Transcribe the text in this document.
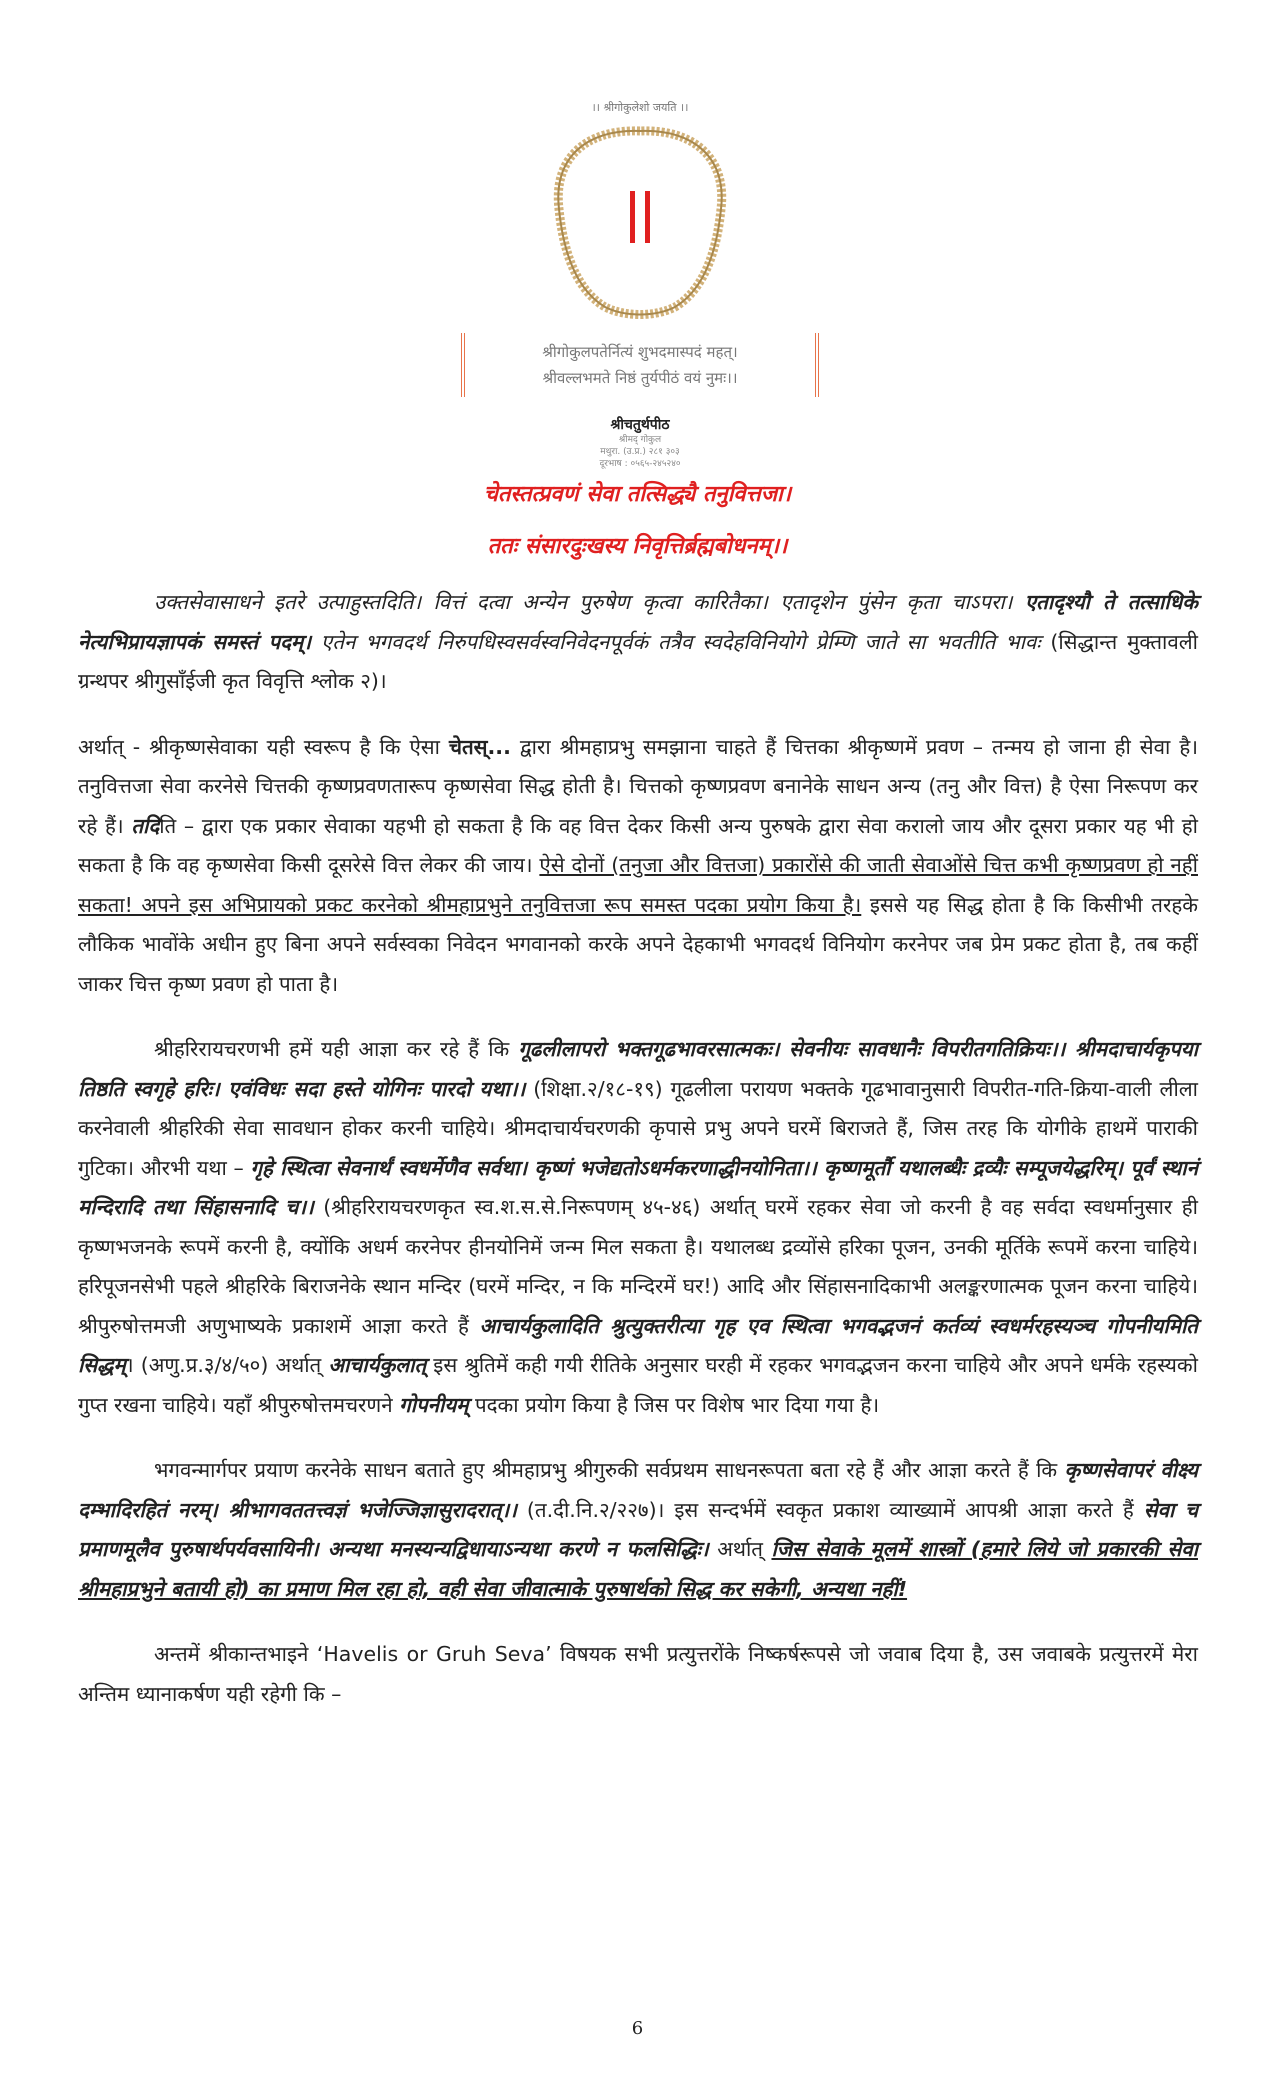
।। श्रीगोकुलेशो जयति ।।
श्रीगोकुलपतेर्नित्यं शुभदमास्पदं महत्।
श्रीवल्लभमते निष्ठं तुर्यपीठं वयं नुमः।।
श्रीचतुर्थपीठ
श्रीमद् गोकुल
मथुरा. (उ.प्र.) २८१ ३०३
दूरभाष : ०५६५-२४५२४०
चेतस्तत्प्रवणं सेवा तत्सिद्ध्यै तनुवित्तजा।
ततः संसारदुःखस्य निवृत्तिर्ब्रह्मबोधनम्।।

उक्तसेवासाधने इतरे उत्पाहुस्तदिति। वित्तं दत्वा अन्येन पुरुषेण कृत्वा कारितैका। एतादृशेन पुंसेन कृता चाऽपरा। एतादृश्यौ ते तत्साधिके नेत्यभिप्रायज्ञापकं समस्तं पदम्। एतेन भगवदर्थ निरुपधिस्वसर्वस्वनिवेदनपूर्वकं तत्रैव स्वदेहविनियोगे प्रेम्णि जाते सा भवतीति भावः (सिद्धान्त मुक्तावली ग्रन्थपर श्रीगुसाँईजी कृत विवृत्ति श्लोक २)।

अर्थात् - श्रीकृष्णसेवाका यही स्वरूप है कि ऐसा चेतस्... द्वारा श्रीमहाप्रभु समझाना चाहते हैं चित्तका श्रीकृष्णमें प्रवण – तन्मय हो जाना ही सेवा है। तनुवित्तजा सेवा करनेसे चित्तकी कृष्णप्रवणतारूप कृष्णसेवा सिद्ध होती है। चित्तको कृष्णप्रवण बनानेके साधन अन्य (तनु और वित्त) है ऐसा निरूपण कर रहे हैं। तदिति – द्वारा एक प्रकार सेवाका यहभी हो सकता है कि वह वित्त देकर किसी अन्य पुरुषके द्वारा सेवा करालो जाय और दूसरा प्रकार यह भी हो सकता है कि वह कृष्णसेवा किसी दूसरेसे वित्त लेकर की जाय। ऐसे दोनों (तनुजा और वित्तजा) प्रकारोंसे की जाती सेवाओंसे चित्त कभी कृष्णप्रवण हो नहीं सकता! अपने इस अभिप्रायको प्रकट करनेको श्रीमहाप्रभुने तनुवित्तजा रूप समस्त पदका प्रयोग किया है। इससे यह सिद्ध होता है कि किसीभी तरहके लौकिक भावोंके अधीन हुए बिना अपने सर्वस्वका निवेदन भगवानको करके अपने देहकाभी भगवदर्थ विनियोग करनेपर जब प्रेम प्रकट होता है, तब कहीं जाकर चित्त कृष्ण प्रवण हो पाता है।

श्रीहरिरायचरणभी हमें यही आज्ञा कर रहे हैं कि गूढलीलापरो भक्तगूढभावरसात्मकः। सेवनीयः सावधानैः विपरीतगतिक्रियः।। श्रीमदाचार्यकृपया तिष्ठति स्वगृहे हरिः। एवंविधः सदा हस्ते योगिनः पारदो यथा।। (शिक्षा.२/१८-१९) गूढलीला परायण भक्तके गूढभावानुसारी विपरीत-गति-क्रिया-वाली लीला करनेवाली श्रीहरिकी सेवा सावधान होकर करनी चाहिये। श्रीमदाचार्यचरणकी कृपासे प्रभु अपने घरमें बिराजते हैं, जिस तरह कि योगीके हाथमें पाराकी गुटिका। औरभी यथा – गृहे स्थित्वा सेवनार्थं स्वधर्मेणैव सर्वथा। कृष्णं भजेद्यतोऽधर्मकरणाद्धीनयोनिता।। कृष्णमूर्तौ यथालब्धैः द्रव्यैः सम्पूजयेद्धरिम्। पूर्वं स्थानं मन्दिरादि तथा सिंहासनादि च।। (श्रीहरिरायचरणकृत स्व.श.स.से.निरूपणम् ४५-४६) अर्थात् घरमें रहकर सेवा जो करनी है वह सर्वदा स्वधर्मानुसार ही कृष्णभजनके रूपमें करनी है, क्योंकि अधर्म करनेपर हीनयोनिमें जन्म मिल सकता है। यथालब्ध द्रव्योंसे हरिका पूजन, उनकी मूर्तिके रूपमें करना चाहिये। हरिपूजनसेभी पहले श्रीहरिके बिराजनेके स्थान मन्दिर (घरमें मन्दिर, न कि मन्दिरमें घर!) आदि और सिंहासनादिकाभी अलङ्करणात्मक पूजन करना चाहिये। श्रीपुरुषोत्तमजी अणुभाष्यके प्रकाशमें आज्ञा करते हैं आचार्यकुलादिति श्रुत्युक्तरीत्या गृह एव स्थित्वा भगवद्भजनं कर्तव्यं स्वधर्मरहस्यञ्च गोपनीयमिति सिद्धम्। (अणु.प्र.३/४/५०) अर्थात् आचार्यकुलात् इस श्रुतिमें कही गयी रीतिके अनुसार घरही में रहकर भगवद्भजन करना चाहिये और अपने धर्मके रहस्यको गुप्त रखना चाहिये। यहाँ श्रीपुरुषोत्तमचरणने गोपनीयम् पदका प्रयोग किया है जिस पर विशेष भार दिया गया है।

भगवन्मार्गपर प्रयाण करनेके साधन बताते हुए श्रीमहाप्रभु श्रीगुरुकी सर्वप्रथम साधनरूपता बता रहे हैं और आज्ञा करते हैं कि कृष्णसेवापरं वीक्ष्य दम्भादिरहितं नरम्। श्रीभागवततत्त्वज्ञं भजेज्जिज्ञासुरादरात्।। (त.दी.नि.२/२२७)। इस सन्दर्भमें स्वकृत प्रकाश व्याख्यामें आपश्री आज्ञा करते हैं सेवा च प्रमाणमूलैव पुरुषार्थपर्यवसायिनी। अन्यथा मनस्यन्यद्विधायाऽन्यथा करणे न फलसिद्धिः। अर्थात् जिस सेवाके मूलमें शास्त्रों (हमारे लिये जो प्रकारकी सेवा श्रीमहाप्रभुने बतायी हो) का प्रमाण मिल रहा हो, वही सेवा जीवात्माके पुरुषार्थको सिद्ध कर सकेगी, अन्यथा नहीं!

अन्तमें श्रीकान्तभाइने ‘Havelis or Gruh Seva’ विषयक सभी प्रत्युत्तरोंके निष्कर्षरूपसे जो जवाब दिया है, उस जवाबके प्रत्युत्तरमें मेरा अन्तिम ध्यानाकर्षण यही रहेगी कि –

6
